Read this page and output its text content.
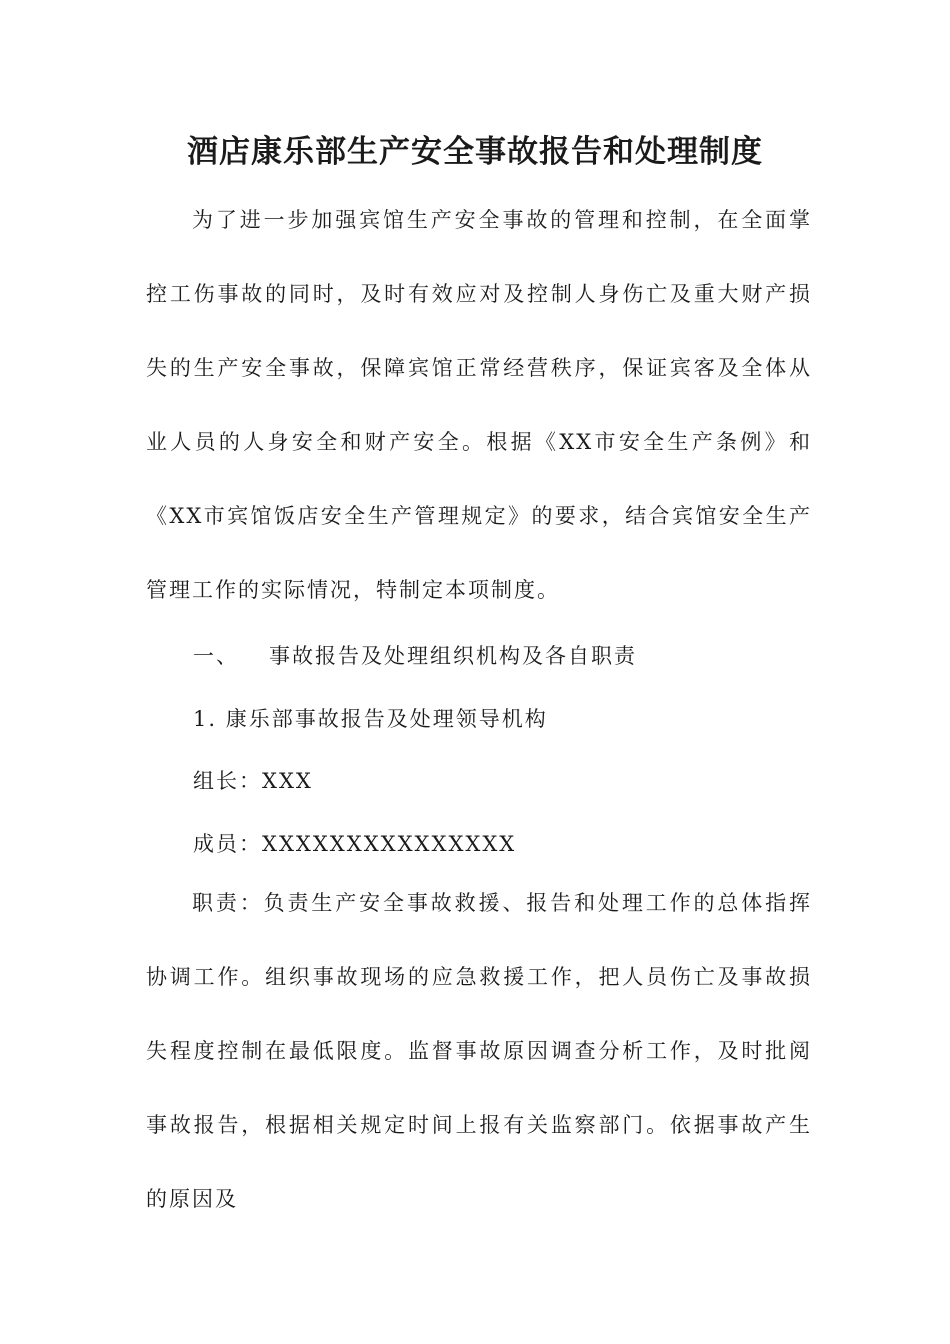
酒店康乐部生产安全事故报告和处理制度

为了进一步加强宾馆生产安全事故的管理和控制，在全面掌控工伤事故的同时，及时有效应对及控制人身伤亡及重大财产损失的生产安全事故，保障宾馆正常经营秩序，保证宾客及全体从业人员的人身安全和财产安全。根据《XX市安全生产条例》和《XX市宾馆饭店安全生产管理规定》的要求，结合宾馆安全生产管理工作的实际情况，特制定本项制度。

一、 事故报告及处理组织机构及各自职责

1. 康乐部事故报告及处理领导机构

组长：XXX

成员：XXXXXXXXXXXXXXX

职责：负责生产安全事故救援、报告和处理工作的总体指挥协调工作。组织事故现场的应急救援工作，把人员伤亡及事故损失程度控制在最低限度。监督事故原因调查分析工作，及时批阅事故报告，根据相关规定时间上报有关监察部门。依据事故产生的原因及
